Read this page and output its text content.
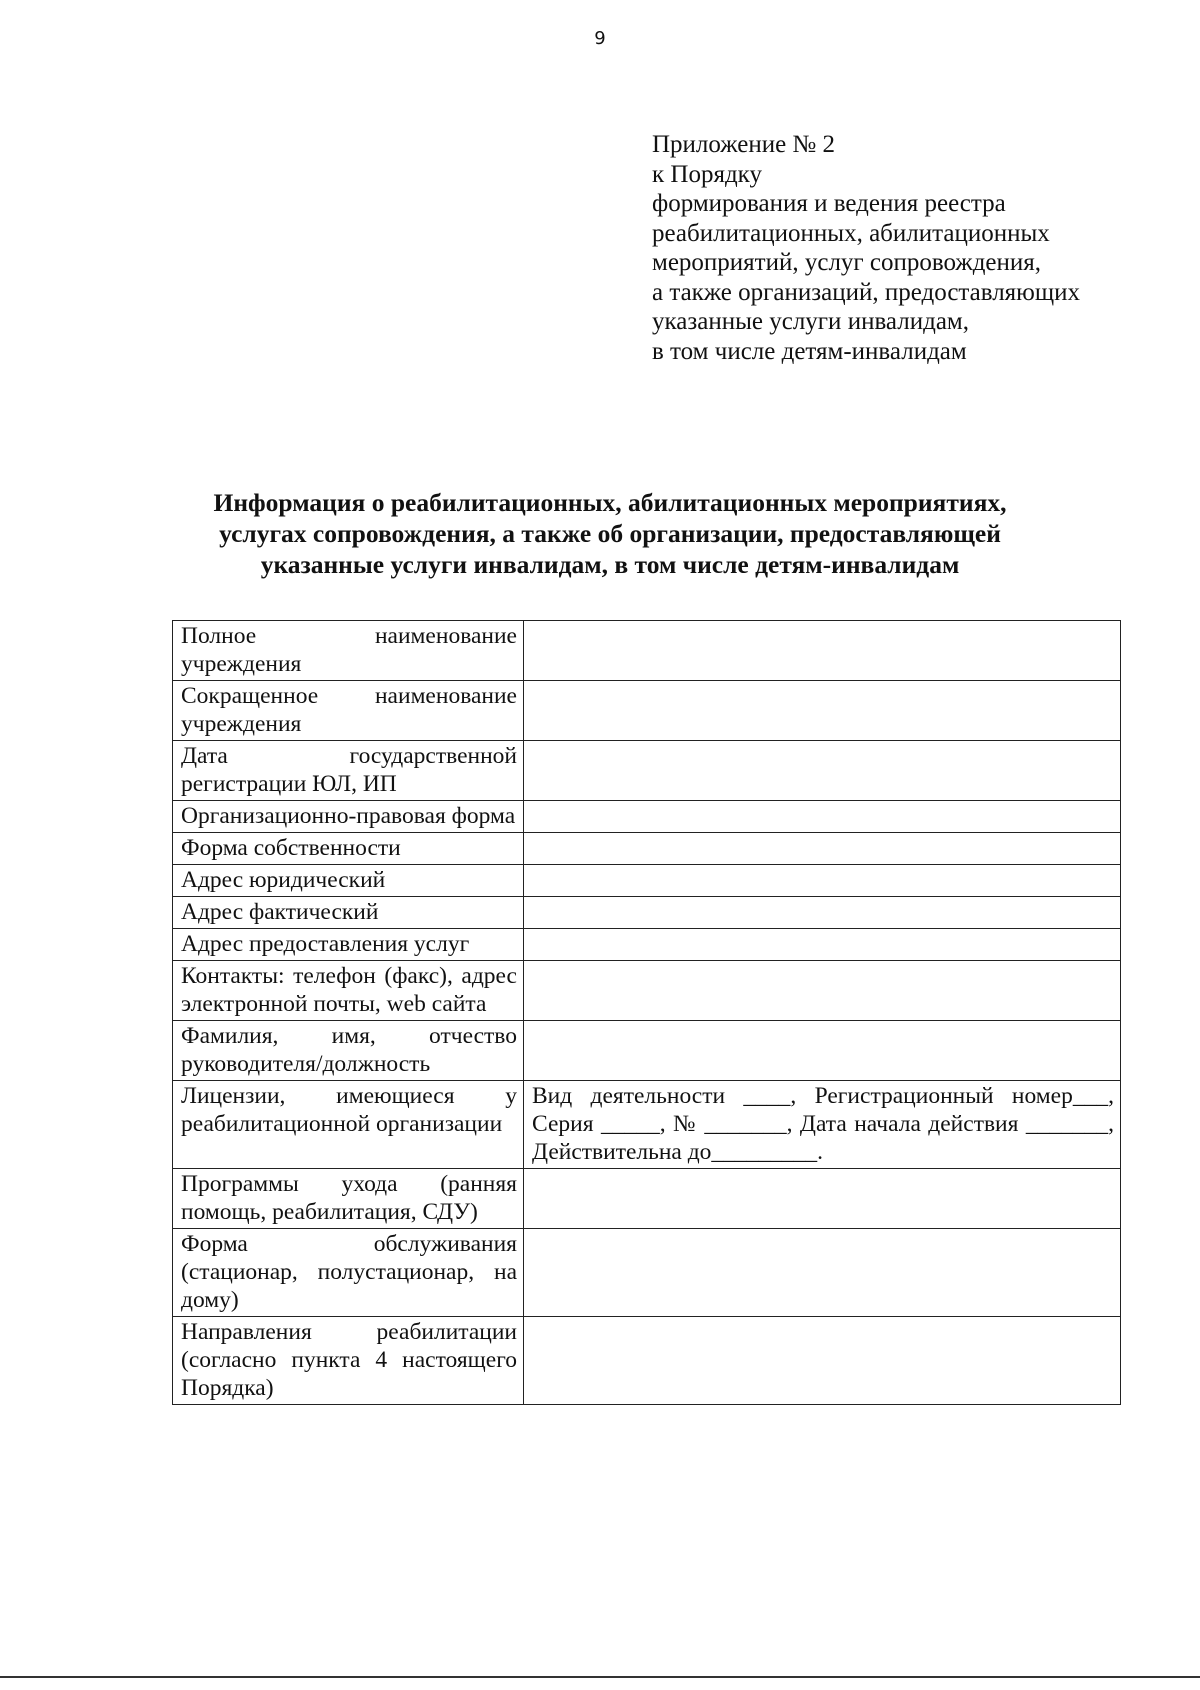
9
Приложение № 2
к Порядку
формирования и ведения реестра
реабилитационных, абилитационных
мероприятий, услуг сопровождения,
а также организаций, предоставляющих
указанные услуги инвалидам,
в том числе детям-инвалидам
Информация о реабилитационных, абилитационных мероприятиях,
услугах сопровождения, а также об организации, предоставляющей
указанные услуги инвалидам, в том числе детям-инвалидам
Полное наименование учреждения	
Сокращенное наименование учреждения	
Дата государственной регистрации ЮЛ, ИП	
Организационно-правовая форма	
Форма собственности	
Адрес юридический	
Адрес фактический	
Адрес предоставления услуг	
Контакты: телефон (факс), адрес электронной почты, web сайта	
Фамилия, имя, отчество руководителя/должность	
Лицензии, имеющиеся у реабилитационной организации	Вид деятельности ____, Регистрационный номер___, Серия _____, № _______, Дата начала действия _______, Действительна до_________.
Программы ухода (ранняя помощь, реабилитация, СДУ)	
Форма обслуживания (стационар, полустационар, на дому)	
Направления реабилитации (согласно пункта 4 настоящего Порядка)	
